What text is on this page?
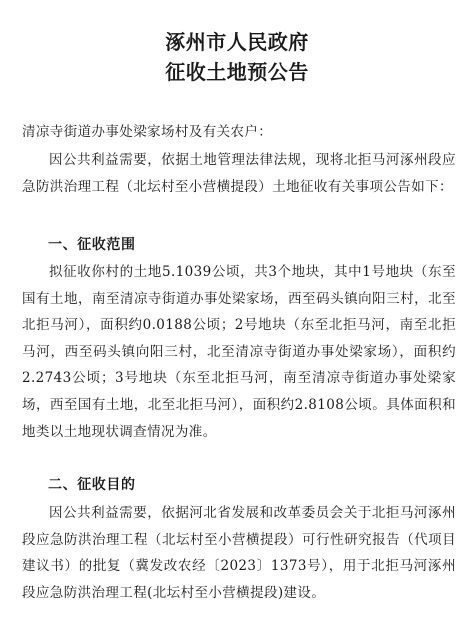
涿州市人民政府
征收土地预公告
清凉寺街道办事处梁家场村及有关农户：
因公共利益需要，依据土地管理法律法规，现将北拒马河涿州段应急防洪治理工程（北坛村至小营横提段）土地征收有关事项公告如下：
一、征收范围
拟征收你村的土地5.1039公顷，共3个地块，其中1号地块（东至国有土地，南至清凉寺街道办事处梁家场，西至码头镇向阳三村，北至北拒马河），面积约0.0188公顷；2号地块（东至北拒马河，南至北拒马河，西至码头镇向阳三村，北至清凉寺街道办事处梁家场），面积约2.2743公顷；3号地块（东至北拒马河，南至清凉寺街道办事处梁家场，西至国有土地，北至北拒马河），面积约2.8108公顷。具体面积和地类以土地现状调查情况为准。
二、征收目的
因公共利益需要，依据河北省发展和改革委员会关于北拒马河涿州段应急防洪治理工程（北坛村至小营横提段）可行性研究报告（代项目建议书）的批复（冀发改农经〔2023〕1373号），用于北拒马河涿州段应急防洪治理工程(北坛村至小营横提段)建设。
